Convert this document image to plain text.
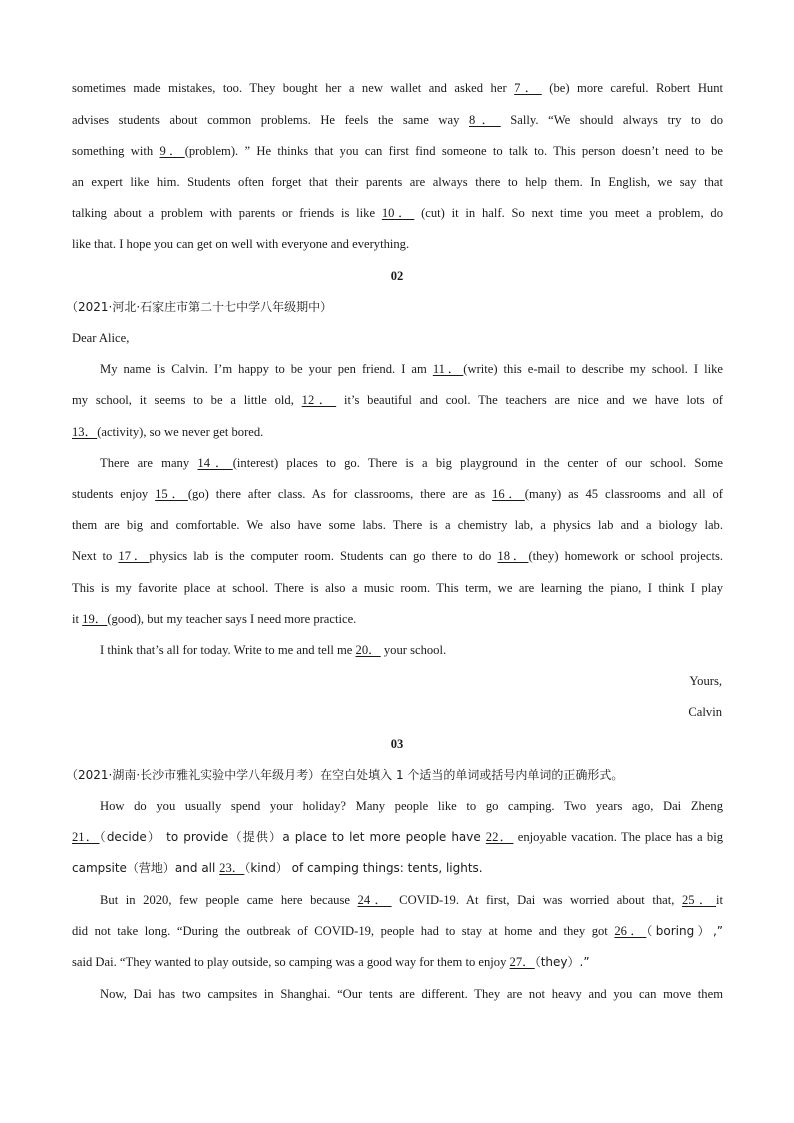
sometimes made mistakes, too. They bought her a new wallet and asked her 7． (be) more careful. Robert Hunt
advises students about common problems. He feels the same way 8． Sally. “We should always try to do
something with 9．(problem). ” He thinks that you can first find someone to talk to. This person doesn’t need to be
an expert like him. Students often forget that their parents are always there to help them. In English, we say that
talking about a problem with parents or friends is like 10． (cut) it in half. So next time you meet a problem, do
like that. I hope you can get on well with everyone and everything.
02
（2021·河北·石家庄市第二十七中学八年级期中）
Dear Alice,
My name is Calvin. I’m happy to be your pen friend. I am 11．(write) this e-mail to describe my school. I like
my school, it seems to be a little old, 12． it’s beautiful and cool. The teachers are nice and we have lots of
13．(activity), so we never get bored.
There are many 14．(interest) places to go. There is a big playground in the center of our school. Some
students enjoy 15．(go) there after class. As for classrooms, there are as 16．(many) as 45 classrooms and all of
them are big and comfortable. We also have some labs. There is a chemistry lab, a physics lab and a biology lab.
Next to 17．physics lab is the computer room. Students can go there to do 18．(they) homework or school projects.
This is my favorite place at school. There is also a music room. This term, we are learning the piano, I think I play
it 19．(good), but my teacher says I need more practice.
I think that’s all for today. Write to me and tell me 20． your school.
Yours,
Calvin
03
（2021·湖南·长沙市雅礼实验中学八年级月考）在空白处填入 1 个适当的单词或括号内单词的正确形式。
How do you usually spend your holiday? Many people like to go camping. Two years ago, Dai Zheng
21．（decide） to provide（提供）a place to let more people have 22． enjoyable vacation. The place has a big
campsite（营地）and all 23．（kind） of camping things: tents, lights.
But in 2020, few people came here because 24． COVID-19. At first, Dai was worried about that, 25．it
did not take long. “During the outbreak of COVID-19, people had to stay at home and they got 26．（boring）,”
said Dai. “They wanted to play outside, so camping was a good way for them to enjoy 27．（they）.”
Now, Dai has two campsites in Shanghai. “Our tents are different. They are not heavy and you can move them
